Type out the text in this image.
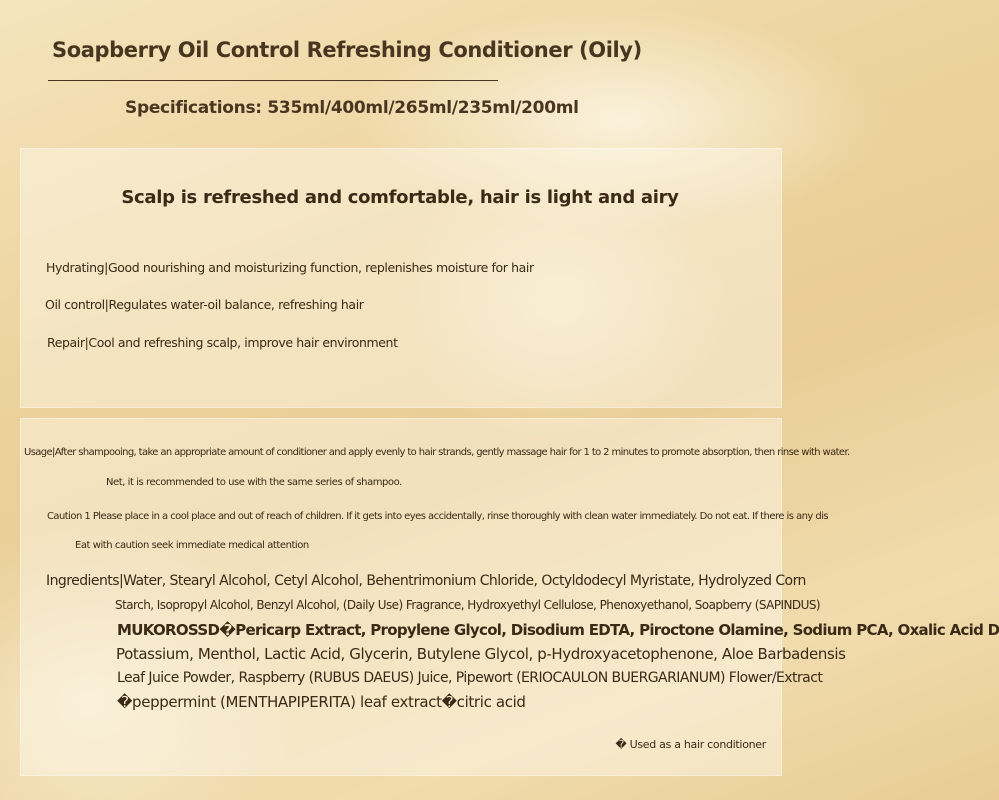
Soapberry Oil Control Refreshing Conditioner (Oily)
Specifications: 535ml/400ml/265ml/235ml/200ml
Scalp is refreshed and comfortable, hair is light and airy
Hydrating|Good nourishing and moisturizing function, replenishes moisture for hair
Oil control|Regulates water-oil balance, refreshing hair
Repair|Cool and refreshing scalp, improve hair environment
Usage|After shampooing, take an appropriate amount of conditioner and apply evenly to hair strands, gently massage hair for 1 to 2 minutes to promote absorption, then rinse with water.
Net, it is recommended to use with the same series of shampoo.
Caution 1 Please place in a cool place and out of reach of children. If it gets into eyes accidentally, rinse thoroughly with clean water immediately. Do not eat. If there is any dis
Eat with caution seek immediate medical attention
Ingredients|Water, Stearyl Alcohol, Cetyl Alcohol, Behentrimonium Chloride, Octyldodecyl Myristate, Hydrolyzed Corn
Starch, Isopropyl Alcohol, Benzyl Alcohol, (Daily Use) Fragrance, Hydroxyethyl Cellulose, Phenoxyethanol, Soapberry (SAPINDUS)
MUKOROSSD�Pericarp Extract, Propylene Glycol, Disodium EDTA, Piroctone Olamine, Sodium PCA, Oxalic Acid D
Potassium, Menthol, Lactic Acid, Glycerin, Butylene Glycol, p-Hydroxyacetophenone, Aloe Barbadensis
Leaf Juice Powder, Raspberry (RUBUS DAEUS) Juice, Pipewort (ERIOCAULON BUERGARIANUM) Flower/Extract
�peppermint (MENTHAPIPERITA) leaf extract�citric acid
� Used as a hair conditioner
